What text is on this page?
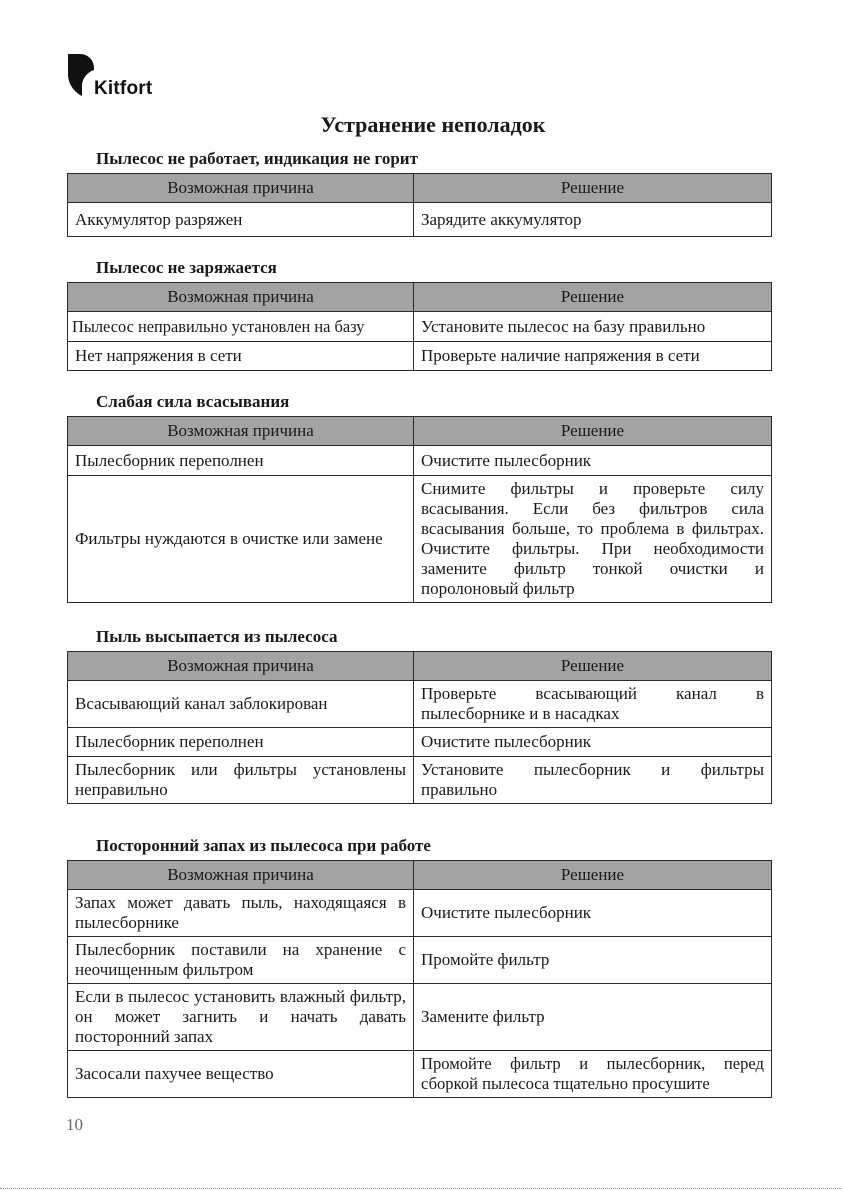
Kitfort
Устранение неполадок
Пылесос не работает, индикация не горит
Возможная причина	Решение
Аккумулятор разряжен	Зарядите аккумулятор
Пылесос не заряжается
Возможная причина	Решение
Пылесос неправильно установлен на базу	Установите пылесос на базу правильно
Нет напряжения в сети	Проверьте наличие напряжения в сети
Слабая сила всасывания
Возможная причина	Решение
Пылесборник переполнен	Очистите пылесборник
Фильтры нуждаются в очистке или замене	Снимите фильтры и проверьте силу всасывания. Если без фильтров сила всасывания больше, то проблема в фильтрах. Очистите фильтры. При необходимости замените фильтр тонкой очистки и поролоновый фильтр
Пыль высыпается из пылесоса
Возможная причина	Решение
Всасывающий канал заблокирован	Проверьте всасывающий канал в пылесборнике и в насадках
Пылесборник переполнен	Очистите пылесборник
Пылесборник или фильтры установлены неправильно	Установите пылесборник и фильтры правильно
Посторонний запах из пылесоса при работе
Возможная причина	Решение
Запах может давать пыль, находящаяся в пылесборнике	Очистите пылесборник
Пылесборник поставили на хранение с неочищенным фильтром	Промойте фильтр
Если в пылесос установить влажный фильтр, он может загнить и начать давать посторонний запах	Замените фильтр
Засосали пахучее вещество	Промойте фильтр и пылесборник, перед сборкой пылесоса тщательно просушите
10
